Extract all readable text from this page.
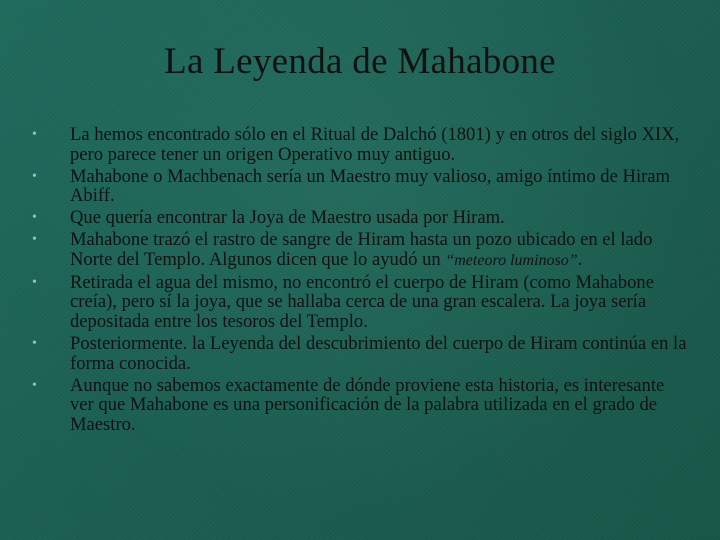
La Leyenda de Mahabone
• La hemos encontrado sólo en el Ritual de Dalchó (1801) y en otros del siglo XIX, pero parece tener un origen Operativo muy antiguo.
• Mahabone o Machbenach sería un Maestro muy valioso, amigo íntimo de Hiram Abiff.
• Que quería encontrar la Joya de Maestro usada por Hiram.
• Mahabone trazó el rastro de sangre de Hiram hasta un pozo ubicado en el lado Norte del Templo. Algunos dicen que lo ayudó un “meteoro luminoso”.
• Retirada el agua del mismo, no encontró el cuerpo de Hiram (como Mahabone creía), pero sí la joya, que se hallaba cerca de una gran escalera. La joya sería depositada entre los tesoros del Templo.
• Posteriormente. la Leyenda del descubrimiento del cuerpo de Hiram continúa en la forma conocida.
• Aunque no sabemos exactamente de dónde proviene esta historia, es interesante ver que Mahabone es una personificación de la palabra utilizada en el grado de Maestro.
